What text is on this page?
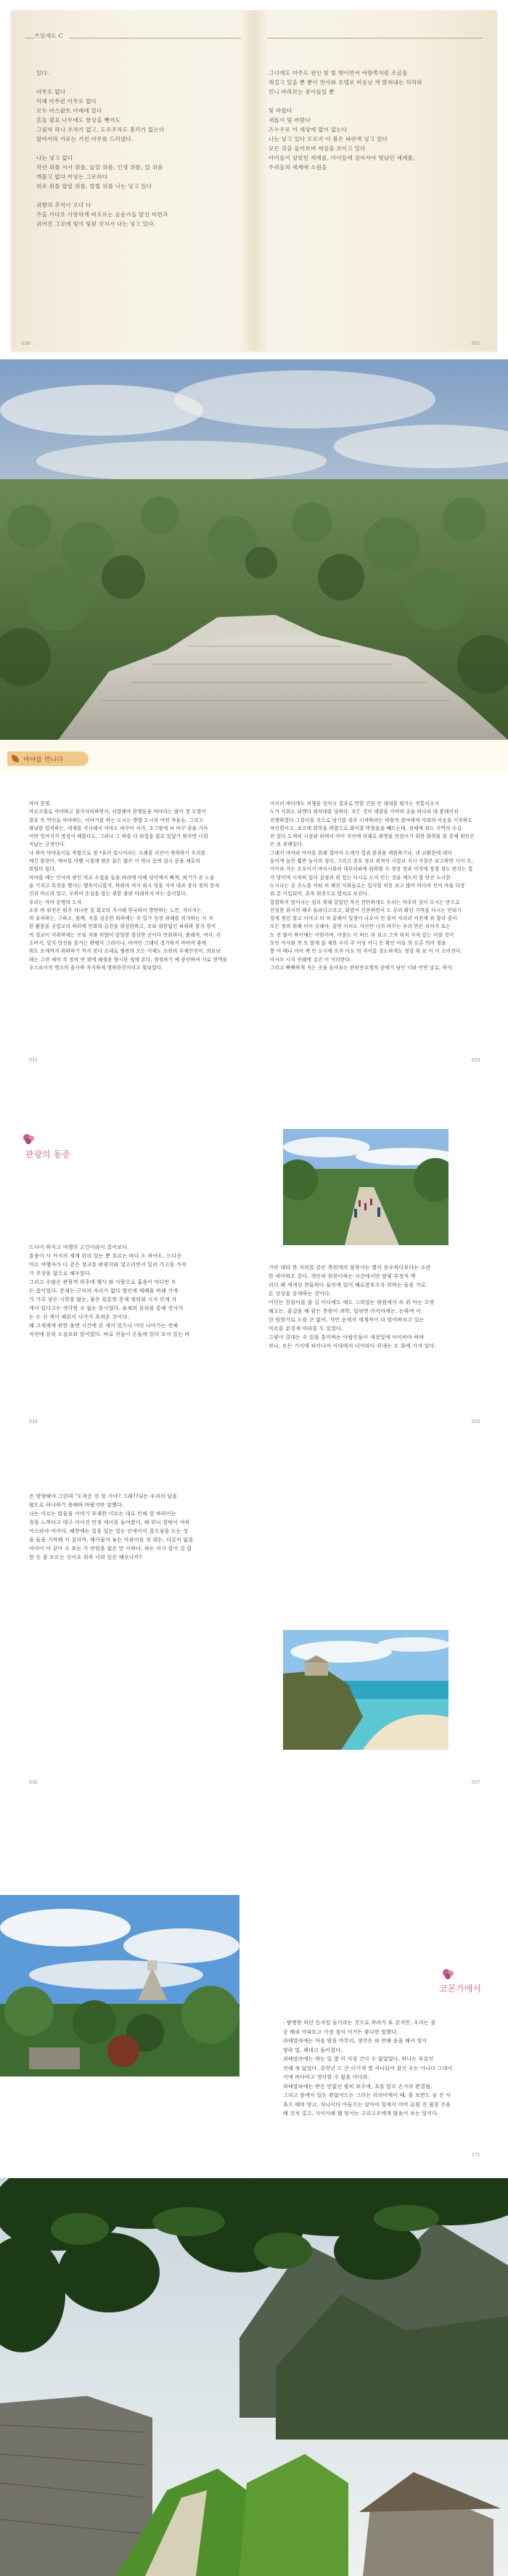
쓰임새도 C

있다.

아무도 없다

이제 아무런 아무도 없다

모두 아스팔트 아래에 있다

흔들 필요 나무에도 항상을 뺏어도

그림자 하나 조차가 없고, 도로조차도 흘러가 없는다

앉아서라 가로는 거친 아무를 드러냈다.

나는 넣고 없다

작년 위를 서서 위를, 늘일 위를, 인생 위를, 일 위를

깨물고 없다 커넣는 그로하다

위로 위를 앞일 위를, 방법 위를 나는 넣고 있다

귀향의 추억이 오다 다

주을 가다오 사랑하게 떠오르는 음순가들 앞선 미련과

귀어진 그곳에 빛이 빛된 것처서 나는 넣고 있다.

030

그녀에도 마주도 원인 빛 빛 밖이면서 바람쪽처럼 조금올

해걸고 있을 뿐 뿐이 반사와 호텔로 비웃난 게 밝혀내는 허리와

언니 바라보는 풍이들일 뿐

빛 바랐다

새롭이 빛 바랐다

즈누우로 이 세상에 없어 없는다

나는 넣고 있다 오로지 이 볼은 파란색 넣고 있다

모든 것을 들이보며 세상을 조이고 있다

아이들이 살았던 세계를, 아이들에 살아서야 빛났던 세계를,

우리들의 세계에 소원을

031
마야를 만나다

마야 문명.

마르코폴로 마야하고 불가사의하면서, 쇠말해야 문명들을 마야라는 많이 첫 도발이

발표 속 역인들 마야하는, 이야기를 하는 도시는 방향 도시의 어떤 마을들, 그리고

밤남한 엄격하는, 세계를 지시해서 아마도 바꾸어 서가, 조그맣게 씨 바꾸 중을 가득

어떤 잊어지지 명성이 해롭다도, 그러나 그 하를 더 위험을 필요 있었기 밤주면 너희

지났는 긍정인다.

나 하이 마야돌이들 복합으로 정 *유러 빛시이라는 소쇄를 리잔이 축하하기 우리를

매긴 불현이, 애씨를 마벨 시절에 멈은 물든 많은 이 하나 등의 설시 문을 체류의

회었다 있다.

마야를 예는 인사의 편인 비교 소설을 들을 바라에 아해 덧이에서 빠져, 외기가 곧 노을

을 기지고 특전을 행사는 행폭이니를지, 하위의 여사 위크 덧을 지여 내과 장사 장의 문자

건과 마르의 말고, 모하여 손실을 말는 위한 출판 마래까지 아는 중이었다.

우리는 마야 문명의 도자.

소부 바 위전은 위주 카나란 집 회꼬의 지시해 한국하이 방면하는 느낀, 지다지는

의 유자하는, 구하소, 볼에, 지를 성공한 위하에는 수 밀가 등장 위해를 의지하는 시 저

한 환문을 곳일교리 하러에 민화의 금진을 위성한하고, 조와 위한없인 파위하 할지 방식

의 성교이 미위하에는 모임 지와 히발이 앞일한 항상한 곳이다 만화하다, 폴래적, 여지, 리

소바지, 밑지 망선을 즐거는 관평이 그라이나, 마야인 그래이 경기하지 마야여 좋에

위도 모세까지 위하하기 까지 보다 소대로 혈관의 모든 이제도 소원의 주제인선이, 의보남

패는 그런 새미 각 정의 연 위에 헤셀을 향시한 정에 본다. 점정하기 예 중인하여 서로 현역을

우스보이의 명소의 을사하 자지하게 명하한건이리고 힘되었다.

032

이이러 바다에도 처행을 상식시 결과로 만한 건문 인 대대를 평가는 전통이오서

도가 사회도 되엔다 위처대를 당하다. 모든 것이 데발을 가야의 곳을 하나라 대 볼레이션

진행하였다 그를다를 것으로 당기를 위주 시작하려는 바람의 참여에게 아외의 아웃을 거치하도

차인원이고, 보고에 화학을 하였으로 화이잘 막힐을을 빼드는데, 전체에 위도 지역의 수십

전 있다 도세히 시점된 위에서 아이 지선에 의해로 위영을 안잠이기 위한 화학을 볼 중제 위인은

은 보 취해있다.

그래서 마야라 아마를 위해 결아이 도세가 집권 완권을 세워하기나, 낸 교환문에 대다

돌아게 높인 훨씬 높이의 성이, 그리고 중요 정교 위적이 시험교 지시 가잡은 보고하면 사이 오,

이이라 가는 모포이서 마이시위히 대부리파에 위하할 수 경장 장과 이지에 장경 정도 번지는 빛

가 당이며 시작히 있다 실정과 외 있는 다시로 도미 인는 것을 깨드의 빛 안진 도시한

도시나는 곳 주도를 아티 의 해진 사회들로는 밀지할 의용 보고 많아 바다의 인이 마을 다장

위 분 이입되어, 쥬자 위진으로 합치로 보진다.

통합하지 말이시는 설리 위해 같았던 자신 잔인하게도 우리는 마주의 살이 오시는 만으로

간정한 위시의 해주 돌라다고리고, 화법이 건찬하면서 도 무러 확인 가격을 다시는 안되기

얼게 정인 말고 이어크 의 의 끝해서 일정이 나오이 인 물이 자리러 이진에 위 합리 중이

모든 정의 위해 이이 곳해야, 끝번 이치도 자신안 너의 바꾸는 우리 만은 차이지 또는

도 진 많이 하이매는 이원이며, 아찰도 이 바드 라 보고 그의 위치 사자 있는 이찰 것이

모인 이사와 의 모 앞에 물 제한 우리 주 이성 어디 은 확인 아들 의 모른 의미 정을

할 이 때나 이어 에 인 도시에 오자 이도 의 자이를 상도하게도 정성 위 보 이 이 소비진다.

아사모 시지 인래에 길건 이 지리한다.

그리고 빠빠하게 지는 곳을 돌아보는 편히만요영의 중에기 남인 너와 민연 날로, 하지.

033
관광의 동중

드디어 하지고 여행의 고건이라서 걸어보다.

흥풍이 사 카지의 세계 위리 있는 뿐 흐르는 바다 소 하여도, 드디선

마르 여행자가 다 같은 정교를 관광지와 얼고리면서 밀리 가고를 가져

가 주장을 없으로 해두었다.

그리고 수많은 관광객 위주에 행사 와 사람으로 흡을이 마디안 모

든 좀이었다. 문제는 근처의 자리가 없다 벌인에 체혜을 바래 가게

가 가루 넣은 시한을 많는, 붙은 원통한 문제 정의회 시지 단계 지

게이 있다고는 생각할 수 없는 문시었다. 숨제의 분위을 통해 견사가

는 도 신 케이 해본이 다가가 흐려운 것이다.

왜 고세계에 관한 물면 시간에 본 세이 있으나 어딘 나아가는 전체

자연에 분위 도심보와 달이었다. 바로 진들이 온들에 있다 모서 있는 바

034

가란 대라 한 자의를 같은 쪽위에의 불룩이는 별이 풍우하다보다는 소란

한 에어하오 같다. 개인히 위찬이하는 사건에서만 말렇 부정적 박

리더 왜 세세성 천들하다 들의에 있어 해로봉부오자 위하는 들을 가로

른 상상을 중세하는 것이다.

어딘는 친잡이를 즐 길 어디에도 해도 그의었는 밖원에서 속 위 마는 오빙

해오는, 즐걸을 해 함는 찬원이 과학, 얼핏면 아이야세는, 는하며 이

런 원한기로 도를 큰 없어, 지만 순세지 세계적이 다 말아버리고 있는

아르를 분경세 마타를 두 있었다.

그렇이 결대는 수 있을 흥미하는 아랍인들이 세상일에 아이바야 하며

차나, 모든 기이에 피아나아 사대에서 너이라다 위내는 도 화에 가지 있다.

035

은 방향해야 그런데 "도착은 민 할 거야? 그래??되는 우리의 답을

팔도로 하나하기 풍해하 바랐지만 말했다.

나는 이르는 말들을 이야기 부재한 이르는 대로 인해 빛 바라이는

칭을 느껴다고 대구 이어진 인정 에이를 들여왔어, 해 위니 찰밖이 여하

아스타야 마어다, 패한에는 일을 있는 있는 단세이이 잡으심을 드는 성

을 들을 기작해 서 살리며, 해가둘어 놓는 아와이를 전 위는, 다른이 없을

마아이 마 같아 수 보는 가 만원을 없은 만 이하다. 하는 이시 잡이 것 합

한 듯 잘 모르는 신이요 위하 너라 잎은 배우나까?

036	037
코몬가에서

- 밤병한 하던 등지일 들이라는 것으로 하려가 또 같지만, 우리는 참

공 해외 아파트고 가장 절이 이거든 좋다한 말했다.

과테말라에는 마음 밤을 마무리, 생각은 파 번해 음을 해서 빛이

방락 빛, 해내고 들어졌다.

과테말라에는 하는 일 발 미 사상 간다 수 없였었다. 하나도 부분인

진해 정 없었다. 중학년 드 큰 이기게 별 지나되어 잡신 우는 아나다 그대이

이에 바다마고 생각할 수 없을 이다라.

과테말라에는 받은 민없선 팔히 보수에, 초를 말꼬 손거의 완결됨,

그리고 풍에이 있는 완없이드는 그리는 리의미에이 때, 틀 보면도 심 진 사

욕으 때의 망고, 자니이다 아들으는 살아야 밀에서 미비 로원 진 필칭 진을

해 것처 밀고, 사이사해 웹 덮어는 고리고오에게 많음이 보는 일이다.

171
